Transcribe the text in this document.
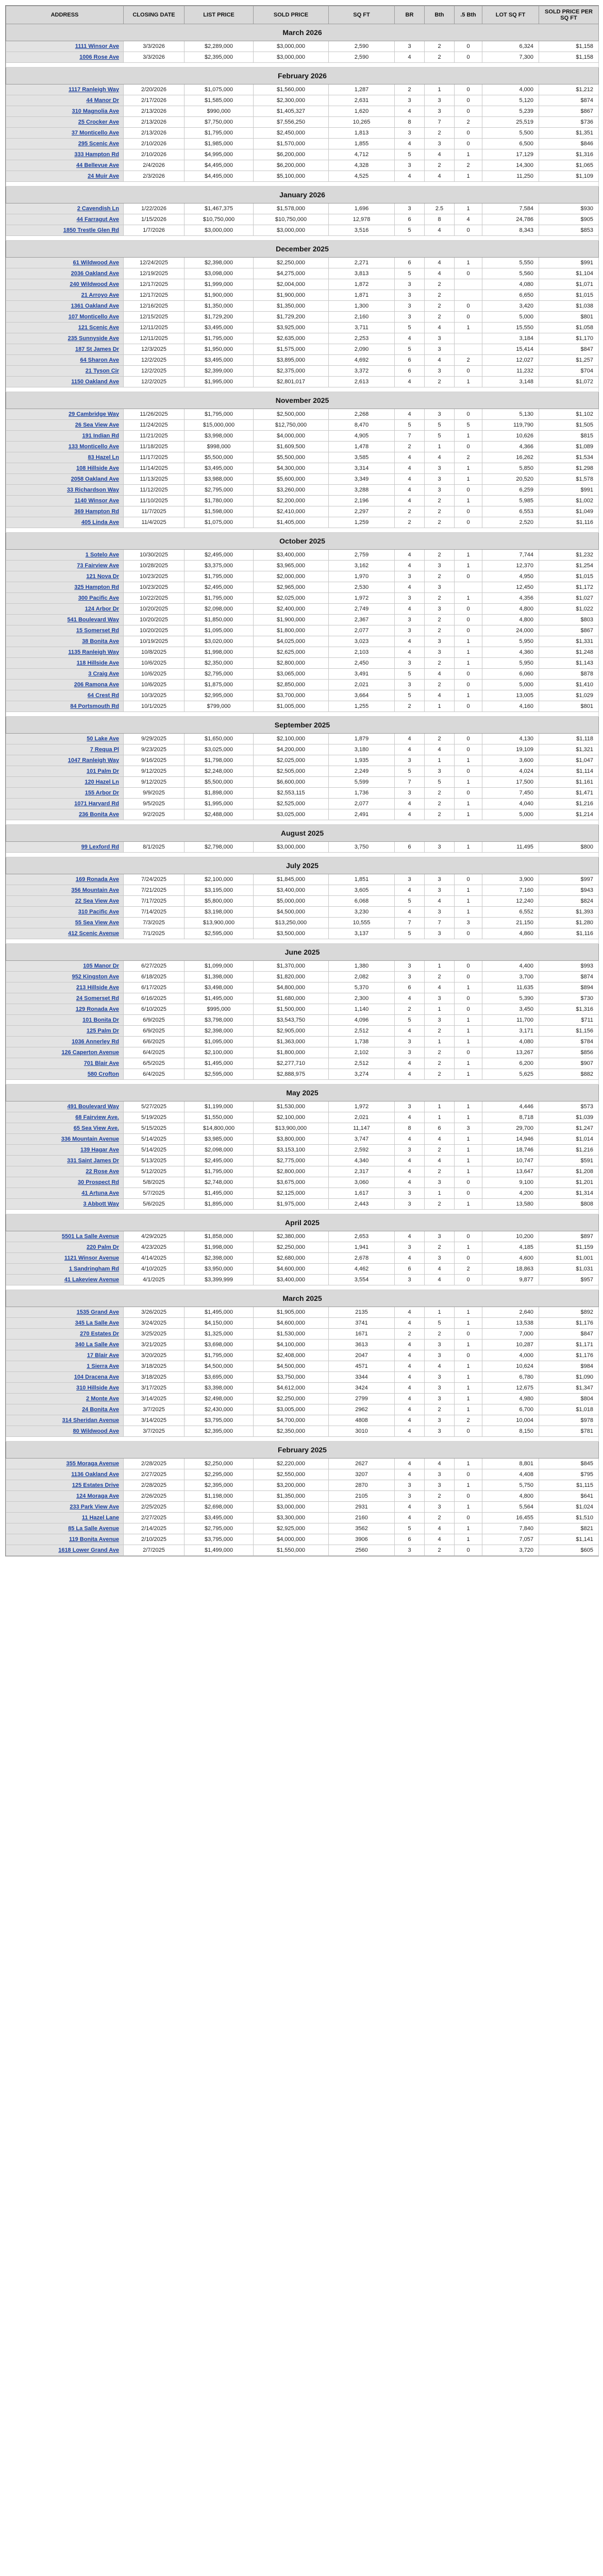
ADDRESS	CLOSING DATE	LIST PRICE	SOLD PRICE	SQ FT	BR	Bth	.5 Bth	LOT SQ FT	SOLD PRICE PER SQ FT
March 2026									
1111 Winsor Ave	3/3/2026	$2,289,000	$3,000,000	2,590	3	2	0	6,324	$1,158
1006 Rose Ave	3/3/2026	$2,395,000	$3,000,000	2,590	4	2	0	7,300	$1,158

February 2026									
1117 Ranleigh Way	2/20/2026	$1,075,000	$1,560,000	1,287	2	1	0	4,000	$1,212
44 Manor Dr	2/17/2026	$1,585,000	$2,300,000	2,631	3	3	0	5,120	$874
310 Magnolia Ave	2/13/2026	$990,000	$1,405,327	1,620	4	3	0	5,239	$867
25 Crocker Ave	2/13/2026	$7,750,000	$7,556,250	10,265	8	7	2	25,519	$736
37 Monticello Ave	2/13/2026	$1,795,000	$2,450,000	1,813	3	2	0	5,500	$1,351
295 Scenic Ave	2/10/2026	$1,985,000	$1,570,000	1,855	4	3	0	6,500	$846
333 Hampton Rd	2/10/2026	$4,995,000	$6,200,000	4,712	5	4	1	17,129	$1,316
44 Bellevue Ave	2/4/2026	$4,495,000	$6,200,000	4,328	3	2	2	14,300	$1,065
24 Muir Ave	2/3/2026	$4,495,000	$5,100,000	4,525	4	4	1	11,250	$1,109

January 2026									
2 Cavendish Ln	1/22/2026	$1,467,375	$1,578,000	1,696	3	2.5	1	7,584	$930
44 Farragut Ave	1/15/2026	$10,750,000	$10,750,000	12,978	6	8	4	24,786	$905
1850 Trestle Glen Rd	1/7/2026	$3,000,000	$3,000,000	3,516	5	4	0	8,343	$853

December 2025									
61 Wildwood Ave	12/24/2025	$2,398,000	$2,250,000	2,271	6	4	1	5,550	$991
2036 Oakland Ave	12/19/2025	$3,098,000	$4,275,000	3,813	5	4	0	5,560	$1,104
240 Wildwood Ave	12/17/2025	$1,999,000	$2,004,000	1,872	3	2		4,080	$1,071
21 Arroyo Ave	12/17/2025	$1,900,000	$1,900,000	1,871	3	2		6,650	$1,015
1361 Oakland Ave	12/16/2025	$1,350,000	$1,350,000	1,300	3	2	0	3,420	$1,038
107 Monticello Ave	12/15/2025	$1,729,200	$1,729,200	2,160	3	2	0	5,000	$801
121 Scenic Ave	12/11/2025	$3,495,000	$3,925,000	3,711	5	4	1	15,550	$1,058
235 Sunnyside Ave	12/11/2025	$1,795,000	$2,635,000	2,253	4	3		3,184	$1,170
187 St James Dr	12/3/2025	$1,950,000	$1,575,000	2,090	5	3		15,414	$847
64 Sharon Ave	12/2/2025	$3,495,000	$3,895,000	4,692	6	4	2	12,027	$1,257
21 Tyson Cir	12/2/2025	$2,399,000	$2,375,000	3,372	6	3	0	11,232	$704
1150 Oakland Ave	12/2/2025	$1,995,000	$2,801,017	2,613	4	2	1	3,148	$1,072

November 2025									
29 Cambridge Way	11/26/2025	$1,795,000	$2,500,000	2,268	4	3	0	5,130	$1,102
26 Sea View Ave	11/24/2025	$15,000,000	$12,750,000	8,470	5	5	5	119,790	$1,505
191 Indian Rd	11/21/2025	$3,998,000	$4,000,000	4,905	7	5	1	10,626	$815
133 Monticello Ave	11/18/2025	$998,000	$1,609,500	1,478	2	1	0	4,366	$1,089
83 Hazel Ln	11/17/2025	$5,500,000	$5,500,000	3,585	4	4	2	16,262	$1,534
108 Hillside Ave	11/14/2025	$3,495,000	$4,300,000	3,314	4	3	1	5,850	$1,298
2058 Oakland Ave	11/13/2025	$3,988,000	$5,600,000	3,349	4	3	1	20,520	$1,578
33 Richardson Way	11/12/2025	$2,795,000	$3,260,000	3,288	4	3	0	6,259	$991
1140 Winsor Ave	11/10/2025	$1,780,000	$2,200,000	2,196	4	2	1	5,985	$1,002
369 Hampton Rd	11/7/2025	$1,598,000	$2,410,000	2,297	2	2	0	6,553	$1,049
405 Linda Ave	11/4/2025	$1,075,000	$1,405,000	1,259	2	2	0	2,520	$1,116

October 2025									
1 Sotelo Ave	10/30/2025	$2,495,000	$3,400,000	2,759	4	2	1	7,744	$1,232
73 Fairview Ave	10/28/2025	$3,375,000	$3,965,000	3,162	4	3	1	12,370	$1,254
121 Nova Dr	10/23/2025	$1,795,000	$2,000,000	1,970	3	2	0	4,950	$1,015
325 Hampton Rd	10/23/2025	$2,495,000	$2,965,000	2,530	4	3		12,450	$1,172
300 Pacific Ave	10/22/2025	$1,795,000	$2,025,000	1,972	3	2	1	4,356	$1,027
124 Arbor Dr	10/20/2025	$2,098,000	$2,400,000	2,749	4	3	0	4,800	$1,022
541 Boulevard Way	10/20/2025	$1,850,000	$1,900,000	2,367	3	2	0	4,800	$803
15 Somerset Rd	10/20/2025	$1,095,000	$1,800,000	2,077	3	2	0	24,000	$867
38 Bonita Ave	10/19/2025	$3,020,000	$4,025,000	3,023	4	3	1	5,950	$1,331
1135 Ranleigh Way	10/8/2025	$1,998,000	$2,625,000	2,103	4	3	1	4,360	$1,248
118 Hillside Ave	10/6/2025	$2,350,000	$2,800,000	2,450	3	2	1	5,950	$1,143
3 Craig Ave	10/6/2025	$2,795,000	$3,065,000	3,491	5	4	0	6,060	$878
206 Ramona Ave	10/6/2025	$1,875,000	$2,850,000	2,021	3	2	0	5,000	$1,410
64 Crest Rd	10/3/2025	$2,995,000	$3,700,000	3,664	5	4	1	13,005	$1,029
84 Portsmouth Rd	10/1/2025	$799,000	$1,005,000	1,255	2	1	0	4,160	$801

September 2025									
50 Lake Ave	9/29/2025	$1,650,000	$2,100,000	1,879	4	2	0	4,130	$1,118
7 Requa Pl	9/23/2025	$3,025,000	$4,200,000	3,180	4	4	0	19,109	$1,321
1047 Ranleigh Way	9/16/2025	$1,798,000	$2,025,000	1,935	3	1	1	3,600	$1,047
101 Palm Dr	9/12/2025	$2,248,000	$2,505,000	2,249	5	3	0	4,024	$1,114
120 Hazel Ln	9/12/2025	$5,500,000	$6,600,000	5,599	7	5	1	17,500	$1,161
155 Arbor Dr	9/9/2025	$1,898,000	$2,553,115	1,736	3	2	0	7,450	$1,471
1071 Harvard Rd	9/5/2025	$1,995,000	$2,525,000	2,077	4	2	1	4,040	$1,216
236 Bonita Ave	9/2/2025	$2,488,000	$3,025,000	2,491	4	2	1	5,000	$1,214

August 2025									
99 Lexford Rd	8/1/2025	$2,798,000	$3,000,000	3,750	6	3	1	11,495	$800

July 2025									
169 Ronada Ave	7/24/2025	$2,100,000	$1,845,000	1,851	3	3	0	3,900	$997
356 Mountain Ave	7/21/2025	$3,195,000	$3,400,000	3,605	4	3	1	7,160	$943
22 Sea View Ave	7/17/2025	$5,800,000	$5,000,000	6,068	5	4	1	12,240	$824
310 Pacific Ave	7/14/2025	$3,198,000	$4,500,000	3,230	4	3	1	6,552	$1,393
55 Sea View Ave	7/3/2025	$13,900,000	$13,250,000	10,555	7	7	3	21,150	$1,280
412 Scenic Avenue	7/1/2025	$2,595,000	$3,500,000	3,137	5	3	0	4,860	$1,116

June 2025									
105 Manor Dr	6/27/2025	$1,099,000	$1,370,000	1,380	3	1	0	4,400	$993
952 Kingston Ave	6/18/2025	$1,398,000	$1,820,000	2,082	3	2	0	3,700	$874
213 Hillside Ave	6/17/2025	$3,498,000	$4,800,000	5,370	6	4	1	11,635	$894
24 Somerset Rd	6/16/2025	$1,495,000	$1,680,000	2,300	4	3	0	5,390	$730
129 Ronada Ave	6/10/2025	$995,000	$1,500,000	1,140	2	1	0	3,450	$1,316
101 Bonita Dr	6/9/2025	$3,798,000	$3,543,750	4,096	5	3	1	11,700	$711
125 Palm Dr	6/9/2025	$2,398,000	$2,905,000	2,512	4	2	1	3,171	$1,156
1036 Annerley Rd	6/6/2025	$1,095,000	$1,363,000	1,738	3	1	1	4,080	$784
126 Caperton Avenue	6/4/2025	$2,100,000	$1,800,000	2,102	3	2	0	13,267	$856
701 Blair Ave	6/5/2025	$1,495,000	$2,277,710	2,512	4	2	1	6,200	$907
580 Crofton	6/4/2025	$2,595,000	$2,888,975	3,274	4	2	1	5,625	$882

May 2025									
491 Boulevard Way	5/27/2025	$1,199,000	$1,530,000	1,972	3	1	1	4,446	$573
68 Fairview Ave.	5/19/2025	$1,550,000	$2,100,000	2,021	4	1	1	8,718	$1,039
65 Sea View Ave.	5/15/2025	$14,800,000	$13,900,000	11,147	8	6	3	29,700	$1,247
336 Mountain Avenue	5/14/2025	$3,985,000	$3,800,000	3,747	4	4	1	14,946	$1,014
139 Hagar Ave	5/14/2025	$2,098,000	$3,153,100	2,592	3	2	1	18,746	$1,216
331 Saint James Dr	5/13/2025	$2,495,000	$2,775,000	4,340	4	4	1	10,747	$591
22 Rose Ave	5/12/2025	$1,795,000	$2,800,000	2,317	4	2	1	13,647	$1,208
30 Prospect Rd	5/8/2025	$2,748,000	$3,675,000	3,060	4	3	0	9,100	$1,201
41 Artuna Ave	5/7/2025	$1,495,000	$2,125,000	1,617	3	1	0	4,200	$1,314
3 Abbott Way	5/6/2025	$1,895,000	$1,975,000	2,443	3	2	1	13,580	$808

April 2025									
5501 La Salle Avenue	4/29/2025	$1,858,000	$2,380,000	2,653	4	3	0	10,200	$897
220 Palm Dr	4/23/2025	$1,998,000	$2,250,000	1,941	3	2	1	4,185	$1,159
1121 Winsor Avenue	4/14/2025	$2,398,000	$2,680,000	2,678	4	3	0	4,600	$1,001
1 Sandringham Rd	4/10/2025	$3,950,000	$4,600,000	4,462	6	4	2	18,863	$1,031
41 Lakeview Avenue	4/1/2025	$3,399,999	$3,400,000	3,554	3	4	0	9,877	$957

March 2025									
1535 Grand Ave	3/26/2025	$1,495,000	$1,905,000	2135	4	1	1	2,640	$892
345 La Salle Ave	3/24/2025	$4,150,000	$4,600,000	3741	4	5	1	13,538	$1,176
270 Estates Dr	3/25/2025	$1,325,000	$1,530,000	1671	2	2	0	7,000	$847
340 La Salle Ave	3/21/2025	$3,698,000	$4,100,000	3613	4	3	1	10,287	$1,171
17 Blair Ave	3/20/2025	$1,795,000	$2,408,000	2047	4	3	0	4,000	$1,176
1 Sierra Ave	3/18/2025	$4,500,000	$4,500,000	4571	4	4	1	10,624	$984
104 Dracena Ave	3/18/2025	$3,695,000	$3,750,000	3344	4	3	1	6,780	$1,090
310 Hillside Ave	3/17/2025	$3,398,000	$4,612,000	3424	4	3	1	12,675	$1,347
2 Monte Ave	3/14/2025	$2,498,000	$2,250,000	2799	4	3	1	4,980	$804
24 Bonita Ave	3/7/2025	$2,430,000	$3,005,000	2962	4	2	1	6,700	$1,018
314 Sheridan Avenue	3/14/2025	$3,795,000	$4,700,000	4808	4	3	2	10,004	$978
80 Wildwood Ave	3/7/2025	$2,395,000	$2,350,000	3010	4	3	0	8,150	$781

February 2025									
355 Moraga Avenue	2/28/2025	$2,250,000	$2,220,000	2627	4	4	1	8,801	$845
1136 Oakland Ave	2/27/2025	$2,295,000	$2,550,000	3207	4	3	0	4,408	$795
125 Estates Drive	2/28/2025	$2,395,000	$3,200,000	2870	3	3	1	5,750	$1,115
124 Moraga Ave	2/26/2025	$1,198,000	$1,350,000	2105	3	2	0	4,800	$641
233 Park View Ave	2/25/2025	$2,698,000	$3,000,000	2931	4	3	1	5,564	$1,024
11 Hazel Lane	2/27/2025	$3,495,000	$3,300,000	2160	4	2	0	16,455	$1,510
85 La Salle Avenue	2/14/2025	$2,795,000	$2,925,000	3562	5	4	1	7,840	$821
119 Bonita Avenue	2/10/2025	$3,795,000	$4,000,000	3906	6	4	1	7,057	$1,141
1618 Lower Grand Ave	2/7/2025	$1,499,000	$1,550,000	2560	3	2	0	3,720	$605
